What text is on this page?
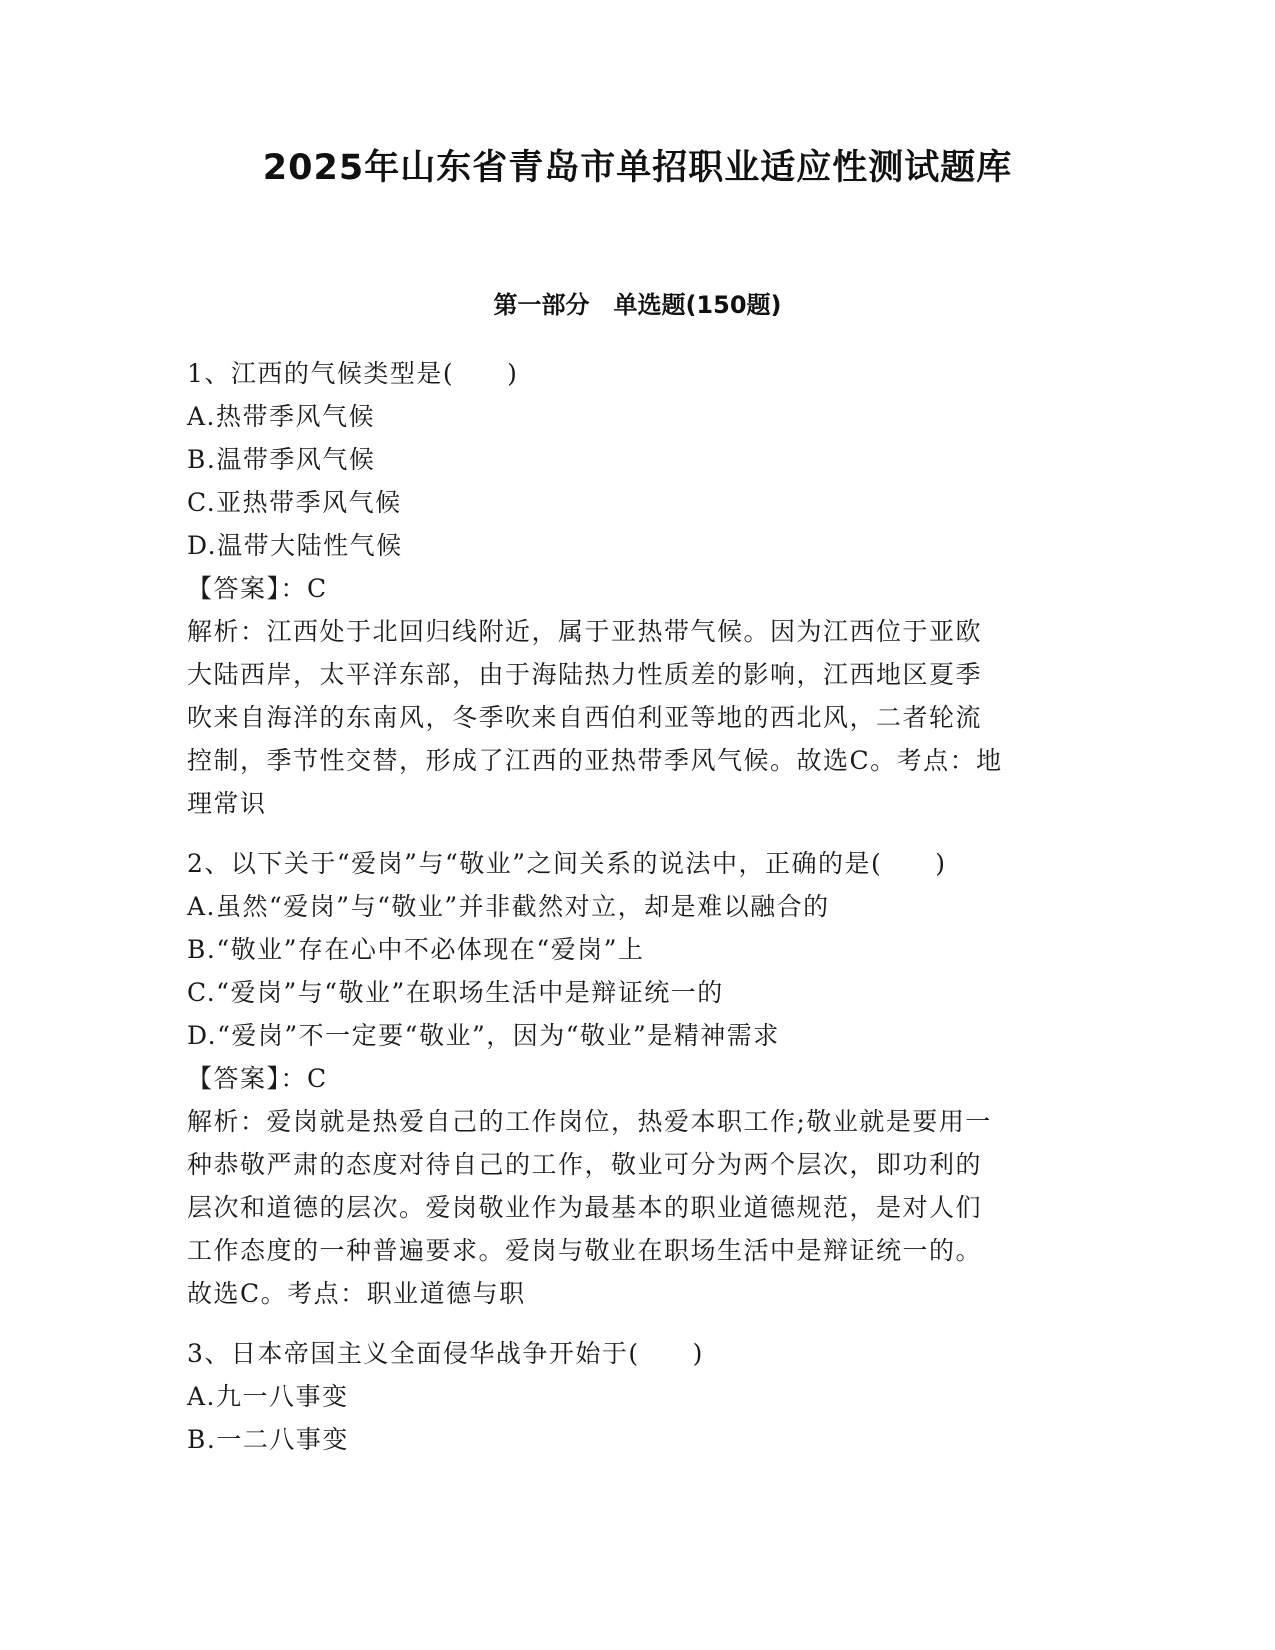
2025年山东省青岛市单招职业适应性测试题库
第一部分　单选题(150题)
1、江西的气候类型是(　　)
A.热带季风气候
B.温带季风气候
C.亚热带季风气候
D.温带大陆性气候
【答案】：C
解析：江西处于北回归线附近，属于亚热带气候。因为江西位于亚欧
大陆西岸，太平洋东部，由于海陆热力性质差的影响，江西地区夏季
吹来自海洋的东南风，冬季吹来自西伯利亚等地的西北风，二者轮流
控制，季节性交替，形成了江西的亚热带季风气候。故选C。考点：地
理常识
2、以下关于“爱岗”与“敬业”之间关系的说法中，正确的是(　　)
A.虽然“爱岗”与“敬业”并非截然对立，却是难以融合的
B.“敬业”存在心中不必体现在“爱岗”上
C.“爱岗”与“敬业”在职场生活中是辩证统一的
D.“爱岗”不一定要“敬业”，因为“敬业”是精神需求
【答案】：C
解析：爱岗就是热爱自己的工作岗位，热爱本职工作;敬业就是要用一
种恭敬严肃的态度对待自己的工作，敬业可分为两个层次，即功利的
层次和道德的层次。爱岗敬业作为最基本的职业道德规范，是对人们
工作态度的一种普遍要求。爱岗与敬业在职场生活中是辩证统一的。
故选C。考点：职业道德与职
3、日本帝国主义全面侵华战争开始于(　　)
A.九一八事变
B.一二八事变
